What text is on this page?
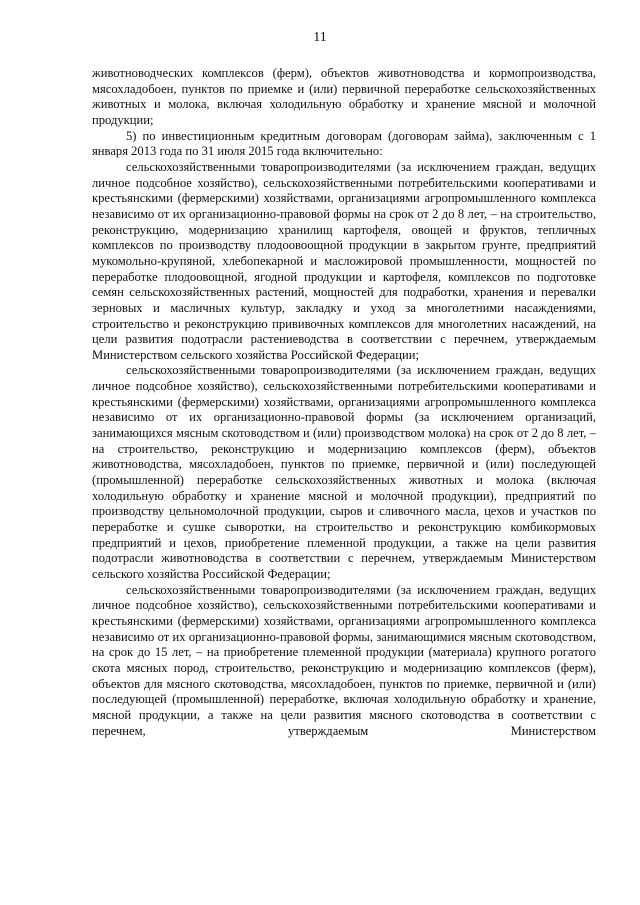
11

животноводческих комплексов (ферм), объектов животноводства и кормопроизводства, мясохладобоен, пунктов по приемке и (или) первичной переработке сельскохозяйственных животных и молока, включая холодильную обработку и хранение мясной и молочной продукции;

5) по инвестиционным кредитным договорам (договорам займа), заключенным с 1 января 2013 года по 31 июля 2015 года включительно:

сельскохозяйственными товаропроизводителями (за исключением граждан, ведущих личное подсобное хозяйство), сельскохозяйственными потребительскими кооперативами и крестьянскими (фермерскими) хозяйствами, организациями агропромышленного комплекса независимо от их организационно-правовой формы на срок от 2 до 8 лет, – на строительство, реконструкцию, модернизацию хранилищ картофеля, овощей и фруктов, тепличных комплексов по производству плодоовоощной продукции в закрытом грунте, предприятий мукомольно-крупяной, хлебопекарной и масложировой промышленности, мощностей по переработке плодоовощной, ягодной продукции и картофеля, комплексов по подготовке семян сельскохозяйственных растений, мощностей для подработки, хранения и перевалки зерновых и масличных культур, закладку и уход за многолетними насаждениями, строительство и реконструкцию прививочных комплексов для многолетних насаждений, на цели развития подотрасли растениеводства в соответствии с перечнем, утверждаемым Министерством сельского хозяйства Российской Федерации;

сельскохозяйственными товаропроизводителями (за исключением граждан, ведущих личное подсобное хозяйство), сельскохозяйственными потребительскими кооперативами и крестьянскими (фермерскими) хозяйствами, организациями агропромышленного комплекса независимо от их организационно-правовой формы (за исключением организаций, занимающихся мясным скотоводством и (или) производством молока) на срок от 2 до 8 лет, – на строительство, реконструкцию и модернизацию комплексов (ферм), объектов животноводства, мясохладобоен, пунктов по приемке, первичной и (или) последующей (промышленной) переработке сельскохозяйственных животных и молока (включая холодильную обработку и хранение мясной и молочной продукции), предприятий по производству цельномолочной продукции, сыров и сливочного масла, цехов и участков по переработке и сушке сыворотки, на строительство и реконструкцию комбикормовых предприятий и цехов, приобретение племенной продукции, а также на цели развития подотрасли животноводства в соответствии с перечнем, утверждаемым Министерством сельского хозяйства Российской Федерации;

сельскохозяйственными товаропроизводителями (за исключением граждан, ведущих личное подсобное хозяйство), сельскохозяйственными потребительскими кооперативами и крестьянскими (фермерскими) хозяйствами, организациями агропромышленного комплекса независимо от их организационно-правовой формы, занимающимися мясным скотоводством, на срок до 15 лет, – на приобретение племенной продукции (материала) крупного рогатого скота мясных пород, строительство, реконструкцию и модернизацию комплексов (ферм), объектов для мясного скотоводства, мясохладобоен, пунктов по приемке, первичной и (или) последующей (промышленной) переработке, включая холодильную обработку и хранение, мясной продукции, а также на цели развития мясного скотоводства в соответствии с перечнем, утверждаемым Министерством
